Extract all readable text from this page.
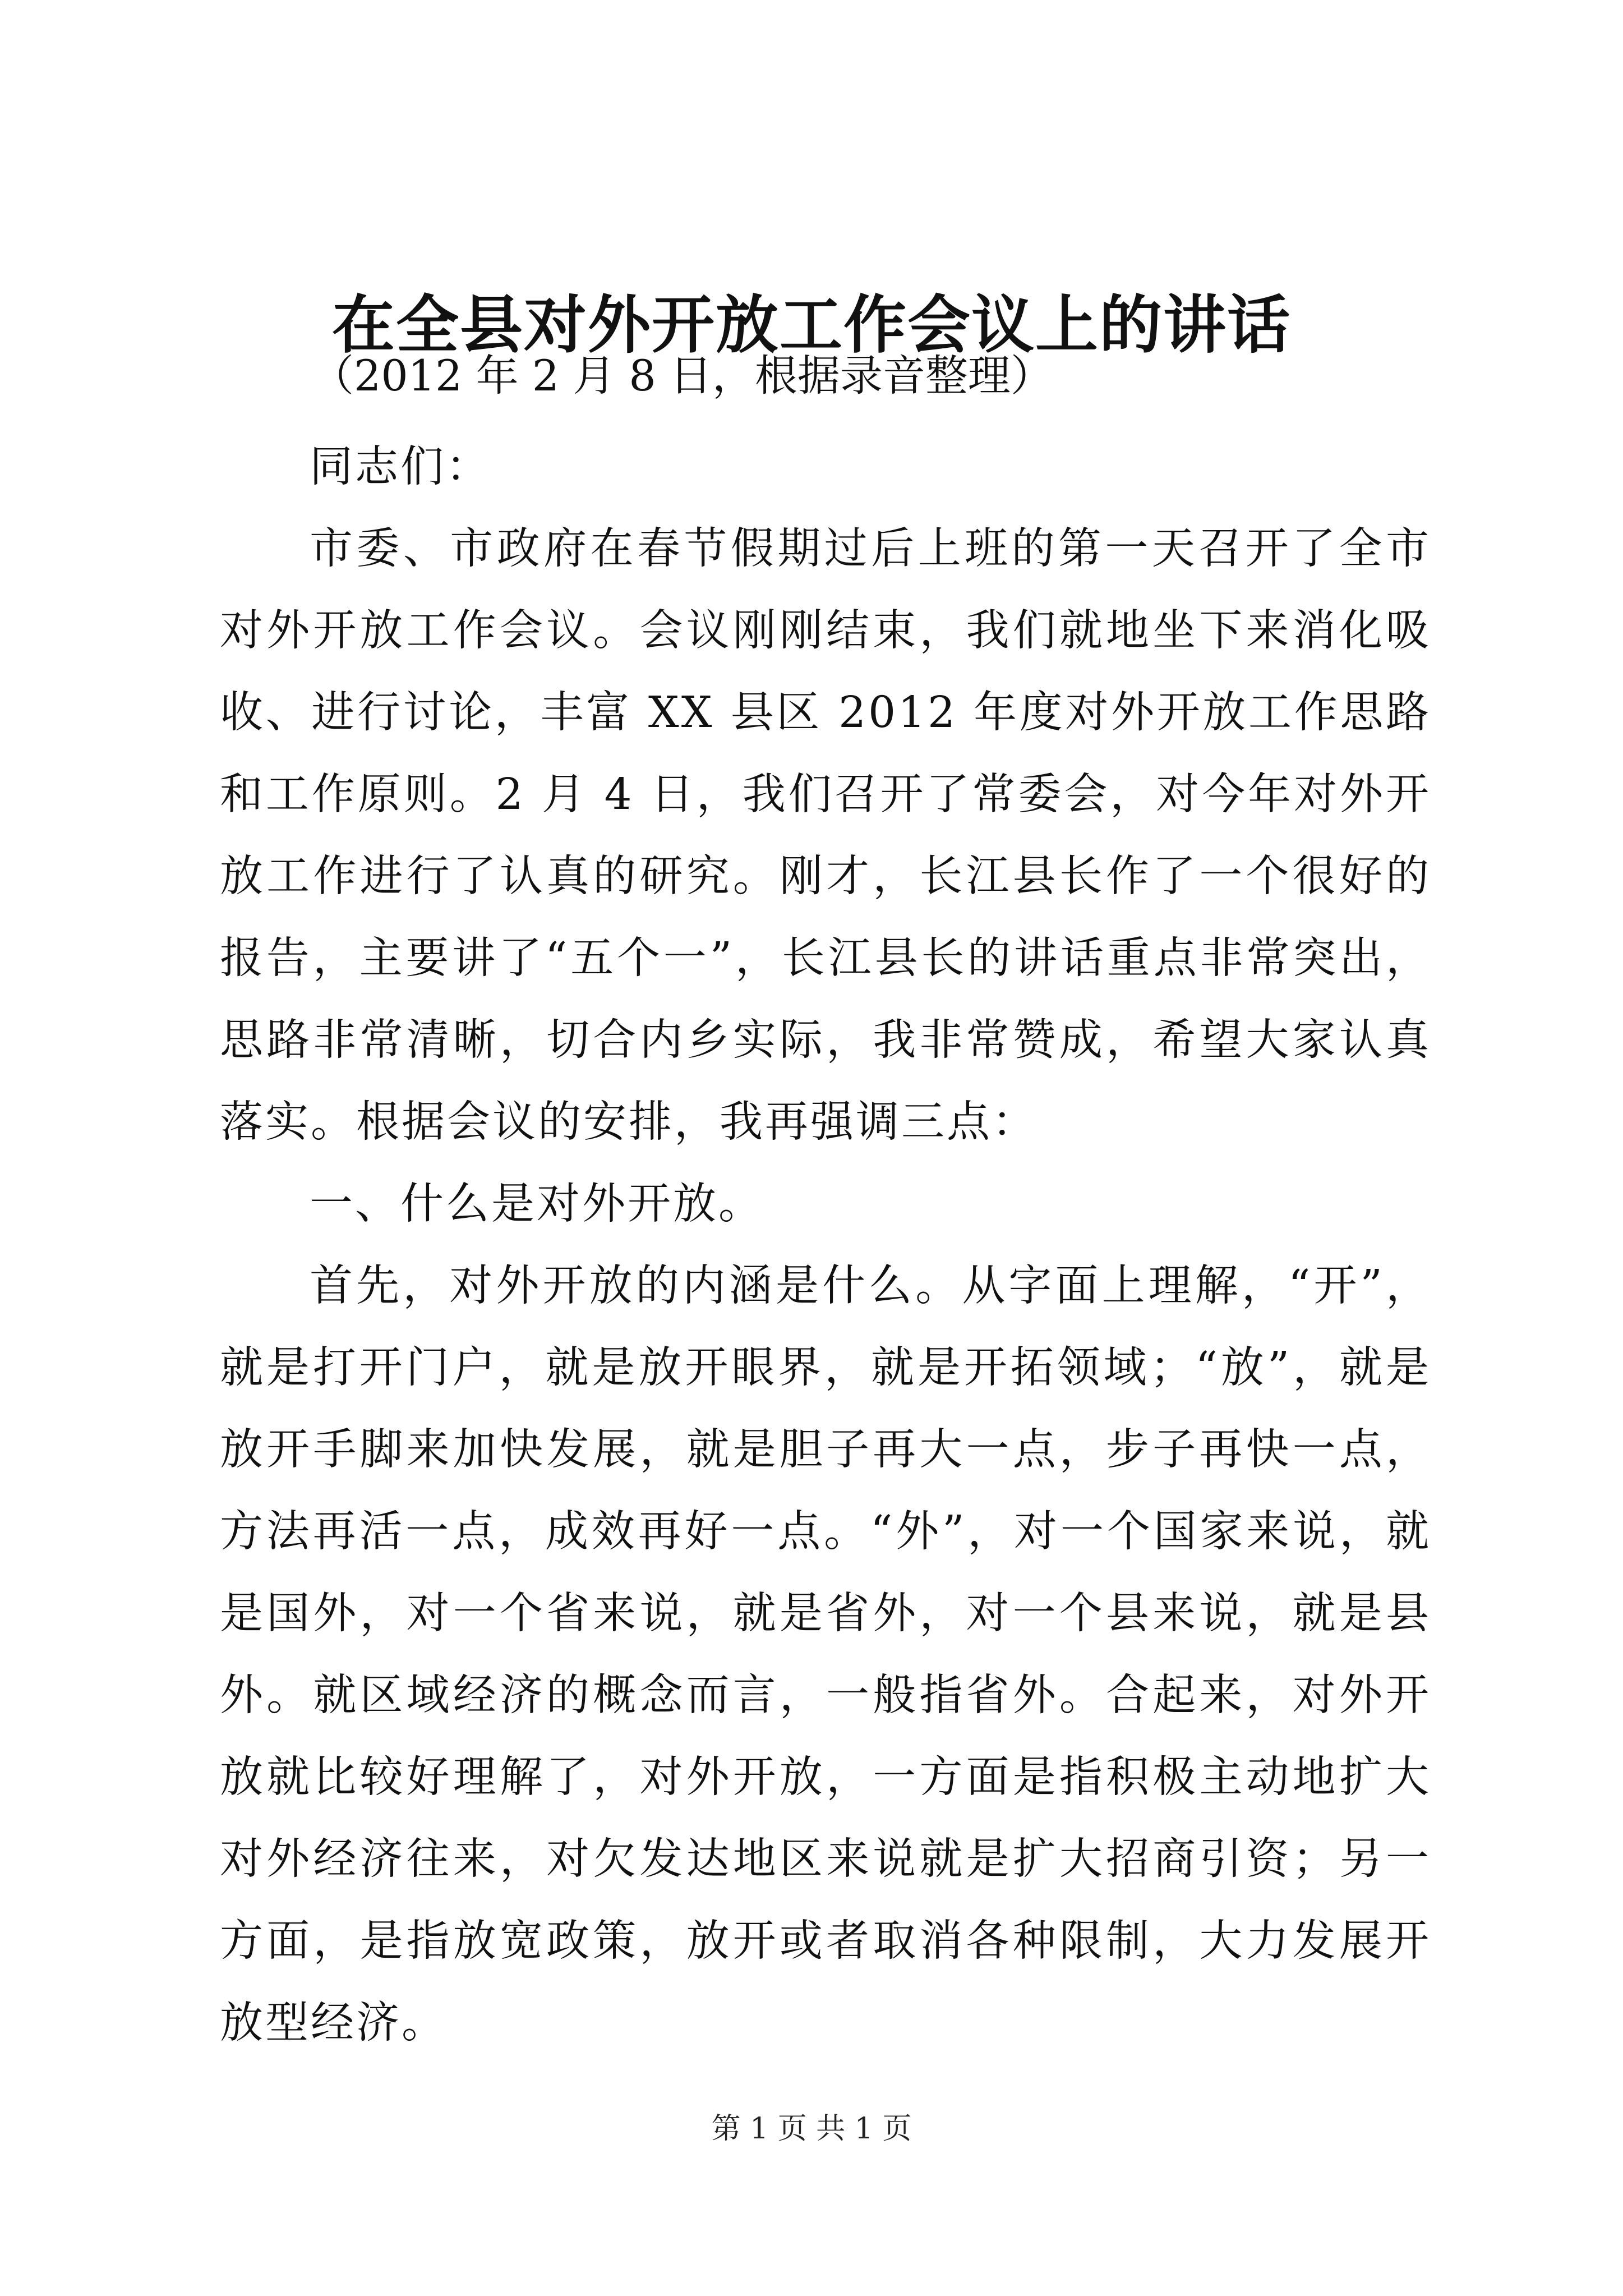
在全县对外开放工作会议上的讲话
（2012 年 2 月 8 日，根据录音整理）

同志们：

市委、市政府在春节假期过后上班的第一天召开了全市对外开放工作会议。会议刚刚结束，我们就地坐下来消化吸收、进行讨论，丰富 XX 县区 2012 年度对外开放工作思路和工作原则。2 月 4 日，我们召开了常委会，对今年对外开放工作进行了认真的研究。刚才，长江县长作了一个很好的报告，主要讲了“五个一”，长江县长的讲话重点非常突出，思路非常清晰，切合内乡实际，我非常赞成，希望大家认真落实。根据会议的安排，我再强调三点：

一、什么是对外开放。

首先，对外开放的内涵是什么。从字面上理解，“开”，就是打开门户，就是放开眼界，就是开拓领域；“放”，就是放开手脚来加快发展，就是胆子再大一点，步子再快一点，方法再活一点，成效再好一点。“外”，对一个国家来说，就是国外，对一个省来说，就是省外，对一个县来说，就是县外。就区域经济的概念而言，一般指省外。合起来，对外开放就比较好理解了，对外开放，一方面是指积极主动地扩大对外经济往来，对欠发达地区来说就是扩大招商引资；另一方面，是指放宽政策，放开或者取消各种限制，大力发展开放型经济。

第 1 页 共 1 页
